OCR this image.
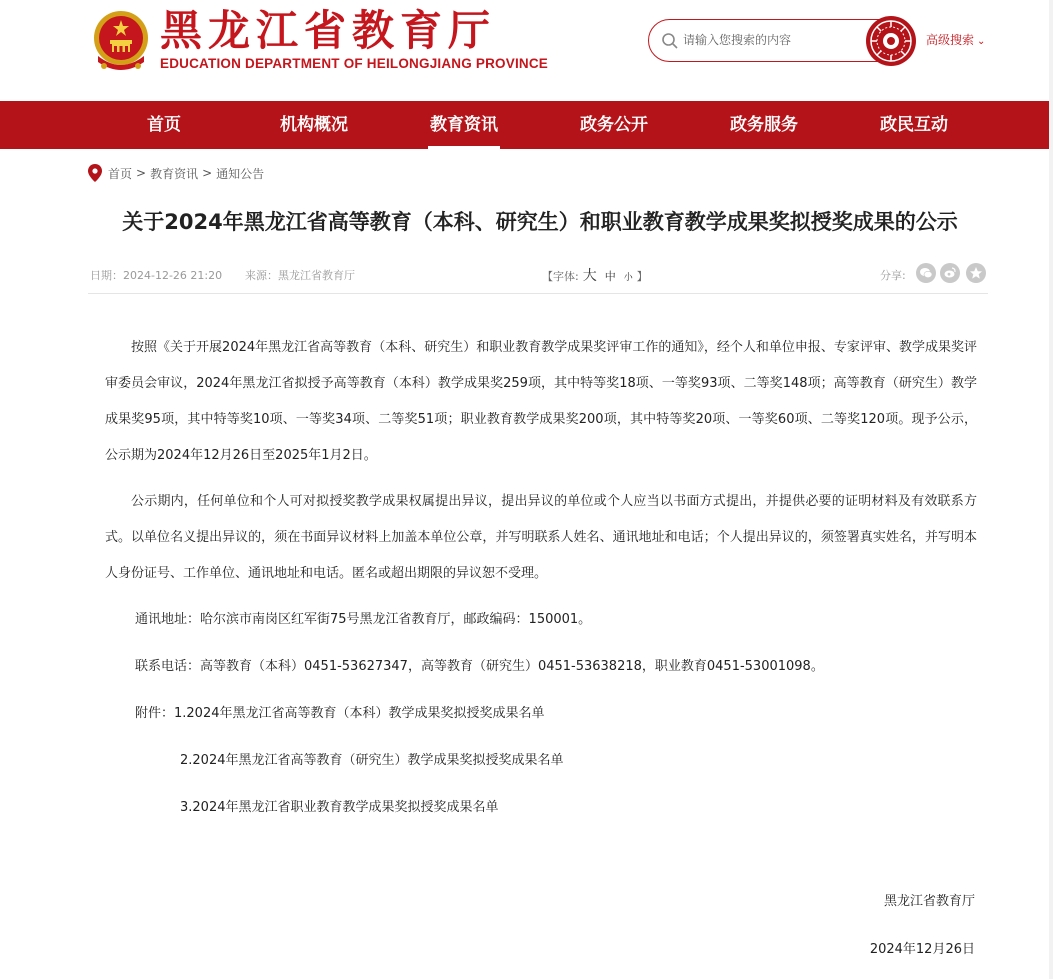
黑龙江省教育厅
EDUCATION DEPARTMENT OF HEILONGJIANG PROVINCE
请输入您搜索的内容
高级搜索 ⌄
首页	机构概况	教育资讯	政务公开	政务服务	政民互动
首页 > 教育资讯 > 通知公告
关于2024年黑龙江省高等教育（本科、研究生）和职业教育教学成果奖拟授奖成果的公示
日期：2024-12-26 21:20 来源：黑龙江省教育厅	【字体: 大 中 小 】	分享:

按照《关于开展2024年黑龙江省高等教育（本科、研究生）和职业教育教学成果奖评审工作的通知》，经个人和单位申报、专家评审、教学成果奖评审委员会审议，2024年黑龙江省拟授予高等教育（本科）教学成果奖259项，其中特等奖18项、一等奖93项、二等奖148项；高等教育（研究生）教学成果奖95项，其中特等奖10项、一等奖34项、二等奖51项；职业教育教学成果奖200项，其中特等奖20项、一等奖60项、二等奖120项。现予公示，公示期为2024年12月26日至2025年1月2日。

公示期内，任何单位和个人可对拟授奖教学成果权属提出异议，提出异议的单位或个人应当以书面方式提出，并提供必要的证明材料及有效联系方式。以单位名义提出异议的，须在书面异议材料上加盖本单位公章，并写明联系人姓名、通讯地址和电话；个人提出异议的，须签署真实姓名，并写明本人身份证号、工作单位、通讯地址和电话。匿名或超出期限的异议恕不受理。

通讯地址：哈尔滨市南岗区红军街75号黑龙江省教育厅，邮政编码：150001。

联系电话：高等教育（本科）0451-53627347，高等教育（研究生）0451-53638218，职业教育0451-53001098。

附件：1.2024年黑龙江省高等教育（本科）教学成果奖拟授奖成果名单

2.2024年黑龙江省高等教育（研究生）教学成果奖拟授奖成果名单

3.2024年黑龙江省职业教育教学成果奖拟授奖成果名单

黑龙江省教育厅
2024年12月26日
